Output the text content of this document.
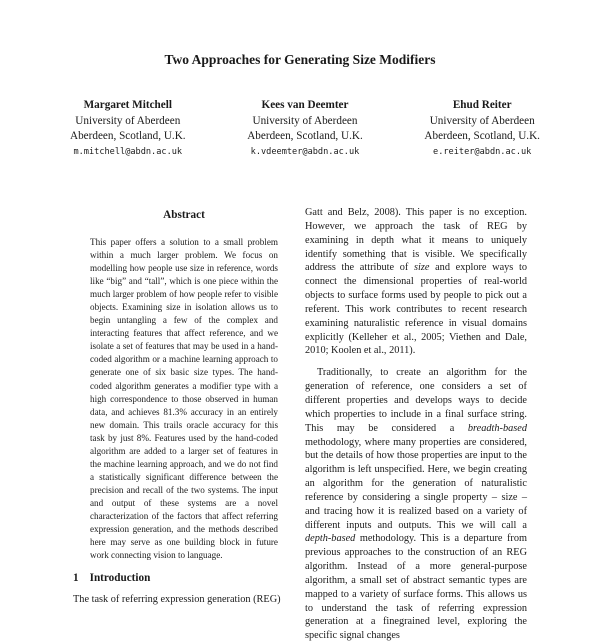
Two Approaches for Generating Size Modifiers
Margaret Mitchell
University of Aberdeen
Aberdeen, Scotland, U.K.
m.mitchell@abdn.ac.uk
Kees van Deemter
University of Aberdeen
Aberdeen, Scotland, U.K.
k.vdeemter@abdn.ac.uk
Ehud Reiter
University of Aberdeen
Aberdeen, Scotland, U.K.
e.reiter@abdn.ac.uk
Abstract
This paper offers a solution to a small problem within a much larger problem. We focus on modelling how people use size in reference, words like “big” and “tall”, which is one piece within the much larger problem of how people refer to visible objects. Examining size in isolation allows us to begin untangling a few of the complex and interacting features that affect reference, and we isolate a set of features that may be used in a hand-coded algorithm or a machine learning approach to generate one of six basic size types. The hand-coded algorithm generates a modifier type with a high correspondence to those observed in human data, and achieves 81.3% accuracy in an entirely new domain. This trails oracle accuracy for this task by just 8%. Features used by the hand-coded algorithm are added to a larger set of features in the machine learning approach, and we do not find a statistically significant difference between the precision and recall of the two systems. The input and output of these systems are a novel characterization of the factors that affect referring expression generation, and the methods described here may serve as one building block in future work connecting vision to language.
1 Introduction
The task of referring expression generation (REG)

Gatt and Belz, 2008). This paper is no exception. However, we approach the task of REG by examining in depth what it means to uniquely identify something that is visible. We specifically address the attribute of size and explore ways to connect the dimensional properties of real-world objects to surface forms used by people to pick out a referent. This work contributes to recent research examining naturalistic reference in visual domains explicitly (Kelleher et al., 2005; Viethen and Dale, 2010; Koolen et al., 2011).

Traditionally, to create an algorithm for the generation of reference, one considers a set of different properties and develops ways to decide which properties to include in a final surface string. This may be considered a breadth-based methodology, where many properties are considered, but the details of how those properties are input to the algorithm is left unspecified. Here, we begin creating an algorithm for the generation of naturalistic reference by considering a single property – size – and tracing how it is realized based on a variety of different inputs and outputs. This we will call a depth-based methodology. This is a departure from previous approaches to the construction of an REG algorithm. Instead of a more general-purpose algorithm, a small set of abstract semantic types are mapped to a variety of surface forms. This allows us to understand the task of referring expression generation at a finegrained level, exploring the specific signal changes
